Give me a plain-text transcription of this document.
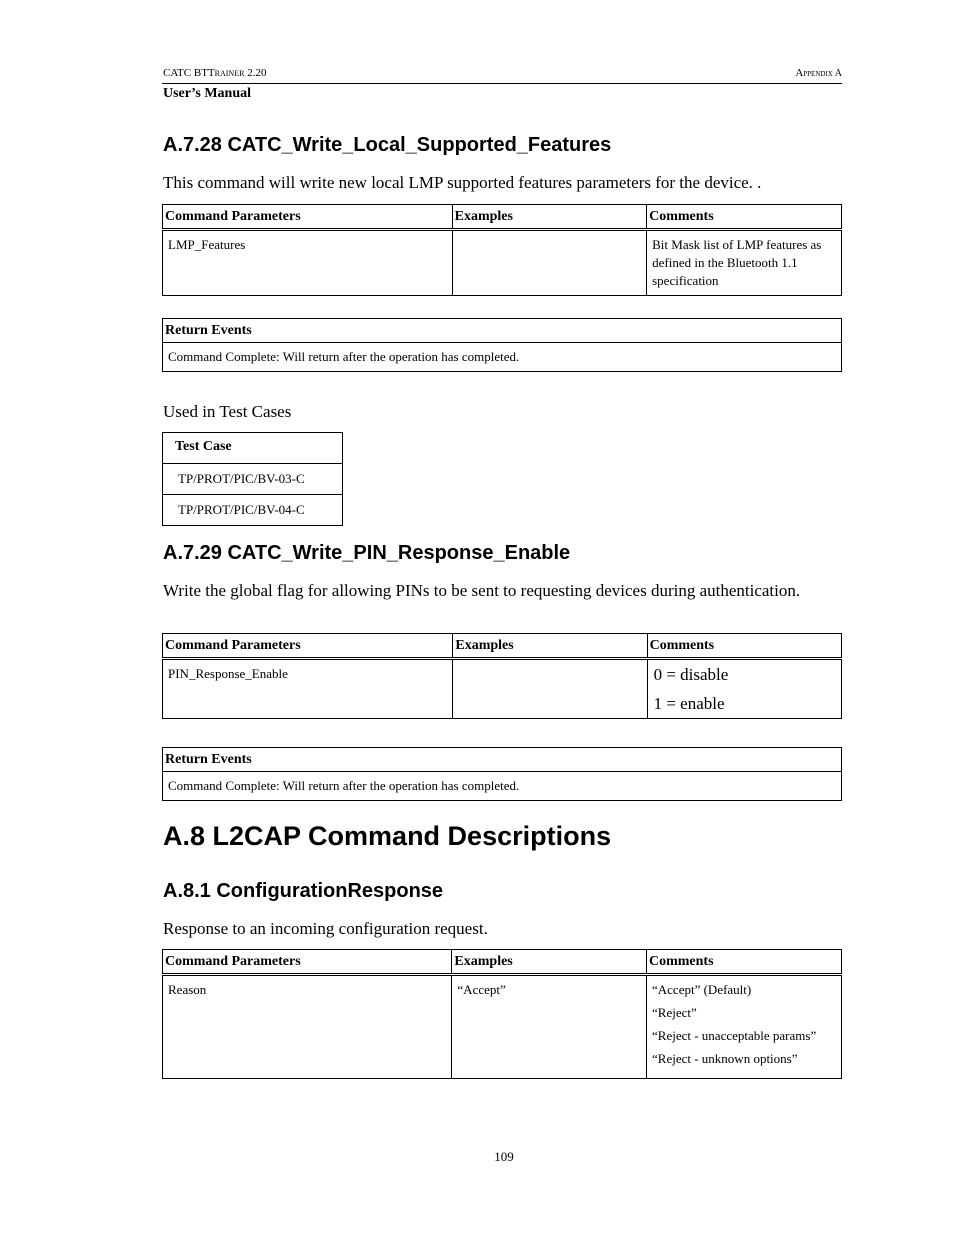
CATC BTTrainer 2.20	Appendix A
User’s Manual
A.7.28 CATC_Write_Local_Supported_Features
This command will write new local LMP supported features parameters for the device. .
Command Parameters	Examples	Comments
LMP_Features		Bit Mask list of LMP features as defined in the Bluetooth 1.1 specification
Return Events
Command Complete: Will return after the operation has completed.
Used in Test Cases
Test Case
TP/PROT/PIC/BV-03-C
TP/PROT/PIC/BV-04-C
A.7.29 CATC_Write_PIN_Response_Enable
Write the global flag for allowing PINs to be sent to requesting devices during authentication.
Command Parameters	Examples	Comments
PIN_Response_Enable		0 = disable
1 = enable
Return Events
Command Complete: Will return after the operation has completed.
A.8 L2CAP Command Descriptions
A.8.1 ConfigurationResponse
Response to an incoming configuration request.
Command Parameters	Examples	Comments
Reason	“Accept”	“Accept” (Default)
“Reject”
“Reject - unacceptable params”
“Reject - unknown options”
109
